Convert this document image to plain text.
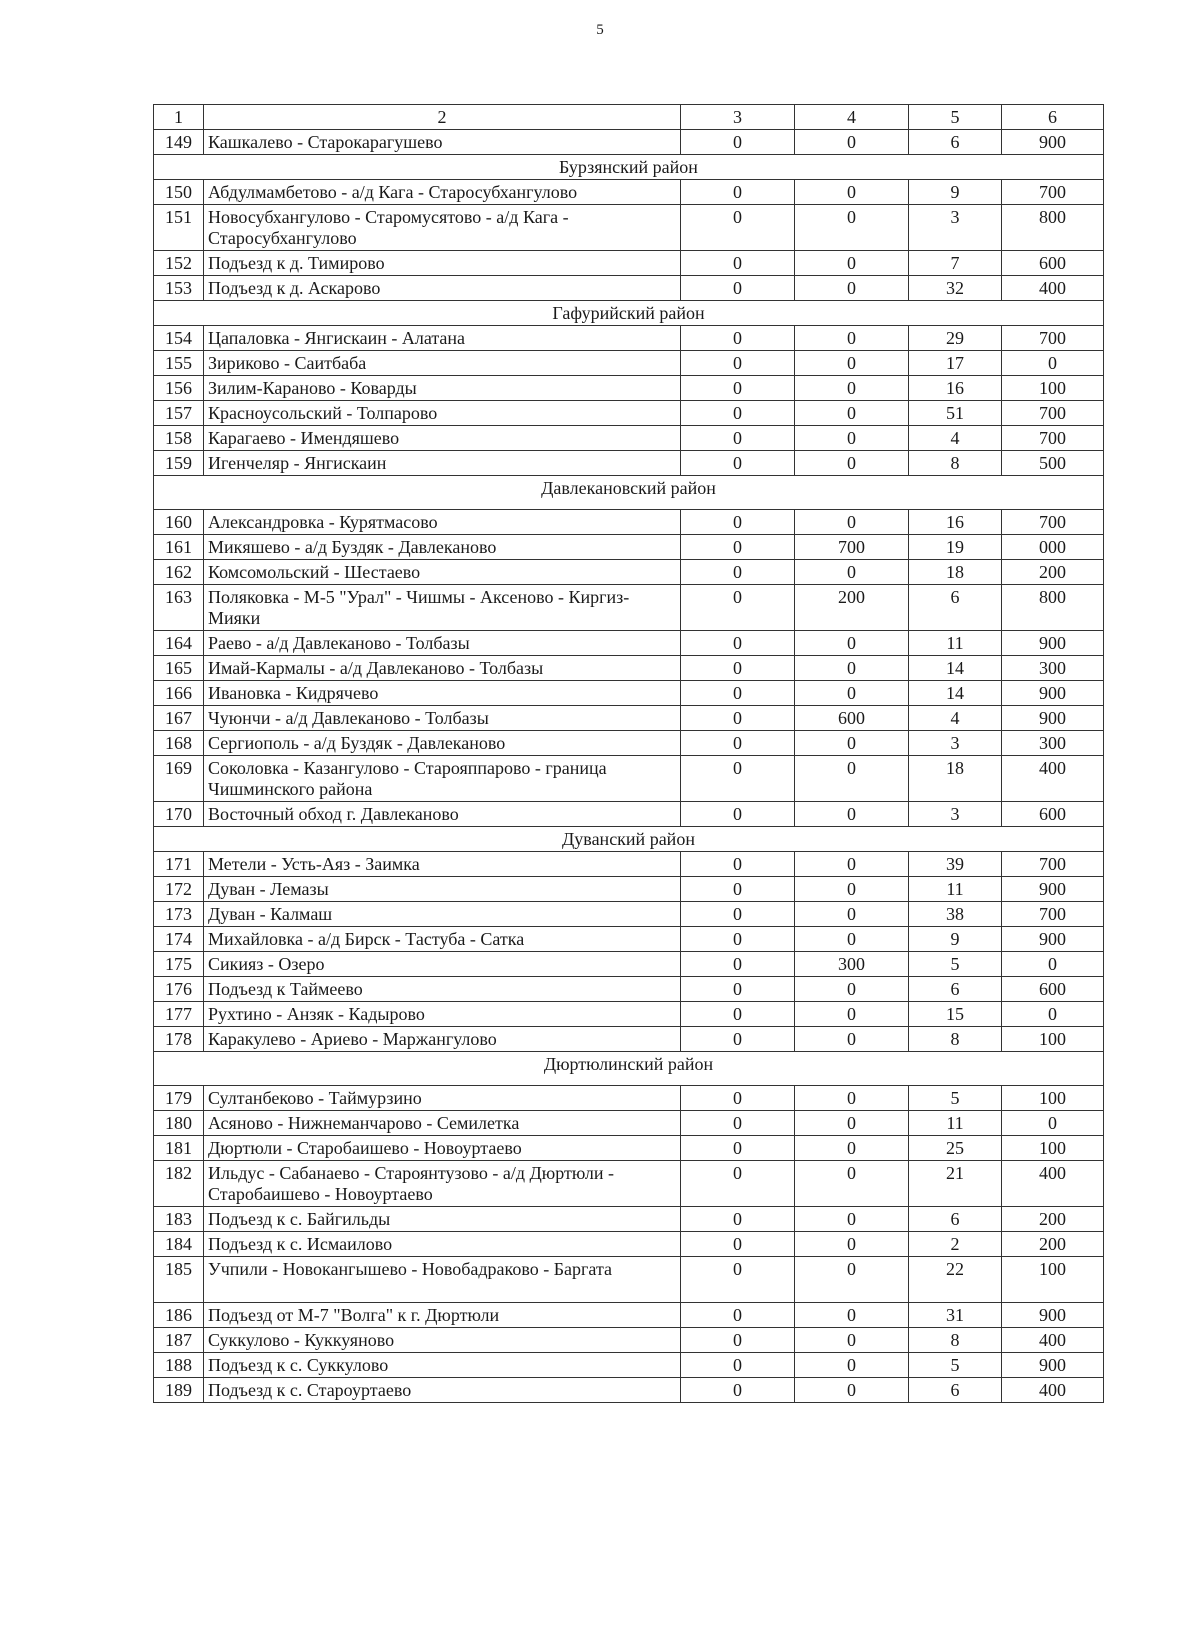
5
1	2	3	4	5	6
149	Кашкалево - Старокарагушево	0	0	6	900
Бурзянский район					
150	Абдулмамбетово - а/д Кага - Старосубхангулово	0	0	9	700
151	Новосубхангулово - Старомусятово - а/д Кага - Старосубхангулово	0	0	3	800
152	Подъезд к д. Тимирово	0	0	7	600
153	Подъезд к д. Аскарово	0	0	32	400
Гафурийский район					
154	Цапаловка - Янгискаин - Алатана	0	0	29	700
155	Зириково - Саитбаба	0	0	17	0
156	Зилим-Караново - Коварды	0	0	16	100
157	Красноусольский - Толпарово	0	0	51	700
158	Карагаево - Имендяшево	0	0	4	700
159	Игенчеляр - Янгискаин	0	0	8	500
Давлекановский район					
160	Александровка - Курятмасово	0	0	16	700
161	Микяшево - а/д Буздяк - Давлеканово	0	700	19	000
162	Комсомольский - Шестаево	0	0	18	200
163	Поляковка - М-5 "Урал" - Чишмы - Аксеново - Киргиз-Мияки	0	200	6	800
164	Раево - а/д Давлеканово - Толбазы	0	0	11	900
165	Имай-Кармалы - а/д Давлеканово - Толбазы	0	0	14	300
166	Ивановка - Кидрячево	0	0	14	900
167	Чуюнчи - а/д Давлеканово - Толбазы	0	600	4	900
168	Сергиополь - а/д Буздяк - Давлеканово	0	0	3	300
169	Соколовка - Казангулово - Старояппарово - граница Чишминского района	0	0	18	400
170	Восточный обход г. Давлеканово	0	0	3	600
Дуванский район					
171	Метели - Усть-Аяз - Заимка	0	0	39	700
172	Дуван - Лемазы	0	0	11	900
173	Дуван - Калмаш	0	0	38	700
174	Михайловка - а/д Бирск - Тастуба - Сатка	0	0	9	900
175	Сикияз - Озеро	0	300	5	0
176	Подъезд к Таймеево	0	0	6	600
177	Рухтино - Анзяк - Кадырово	0	0	15	0
178	Каракулево - Ариево - Маржангулово	0	0	8	100
Дюртюлинский район					
179	Султанбеково - Таймурзино	0	0	5	100
180	Асяново - Нижнеманчарово - Семилетка	0	0	11	0
181	Дюртюли - Старобаишево - Новоуртаево	0	0	25	100
182	Ильдус - Сабанаево - Староянтузово - а/д Дюртюли - Старобаишево - Новоуртаево	0	0	21	400
183	Подъезд к с. Байгильды	0	0	6	200
184	Подъезд к с. Исмаилово	0	0	2	200
185	Учпили - Новокангышево - Новобадраково - Баргата	0	0	22	100
186	Подъезд от М-7 "Волга" к г. Дюртюли	0	0	31	900
187	Суккулово - Куккуяново	0	0	8	400
188	Подъезд к с. Суккулово	0	0	5	900
189	Подъезд к с. Староуртаево	0	0	6	400
